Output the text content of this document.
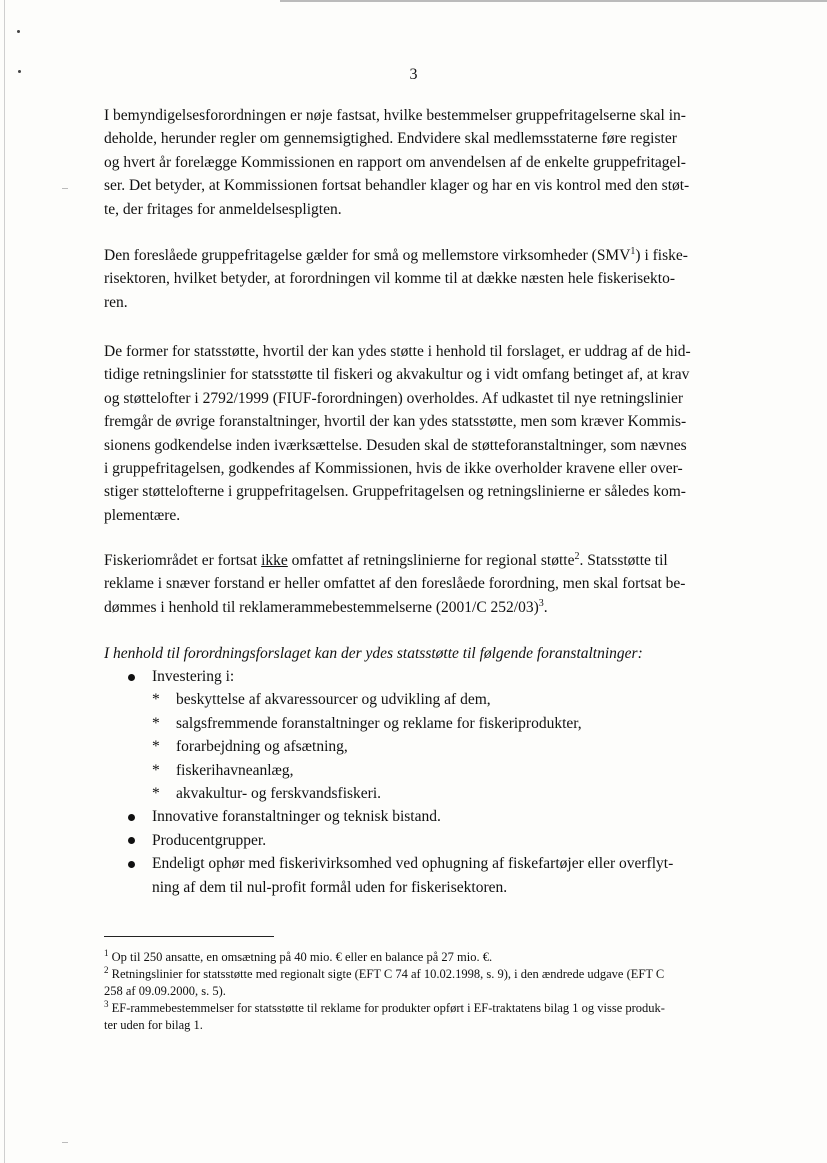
3
I bemyndigelsesforordningen er nøje fastsat, hvilke bestemmelser gruppefritagelserne skal in-
deholde, herunder regler om gennemsigtighed. Endvidere skal medlemsstaterne føre register
og hvert år forelægge Kommissionen en rapport om anvendelsen af de enkelte gruppefritagel-
ser. Det betyder, at Kommissionen fortsat behandler klager og har en vis kontrol med den støt-
te, der fritages for anmeldelsespligten.
Den foreslåede gruppefritagelse gælder for små og mellemstore virksomheder (SMV$^1$) i fiske-
risektoren, hvilket betyder, at forordningen vil komme til at dække næsten hele fiskerisekto-
ren.
De former for statsstøtte, hvortil der kan ydes støtte i henhold til forslaget, er uddrag af de hid-
tidige retningslinier for statsstøtte til fiskeri og akvakultur og i vidt omfang betinget af, at krav
og støttelofter i 2792/1999 (FIUF-forordningen) overholdes. Af udkastet til nye retningslinier
fremgår de øvrige foranstaltninger, hvortil der kan ydes statsstøtte, men som kræver Kommis-
sionens godkendelse inden iværksættelse. Desuden skal de støtteforanstaltninger, som nævnes
i gruppefritagelsen, godkendes af Kommissionen, hvis de ikke overholder kravene eller over-
stiger støttelofterne i gruppefritagelsen. Gruppefritagelsen og retningslinierne er således kom-
plementære.
Fiskeriområdet er fortsat ikke omfattet af retningslinierne for regional støtte$^2$. Statsstøtte til
reklame i snæver forstand er heller omfattet af den foreslåede forordning, men skal fortsat be-
dømmes i henhold til reklamerammebestemmelserne (2001/C 252/03)$^3$.
I henhold til forordningsforslaget kan der ydes statsstøtte til følgende foranstaltninger:
Investering i:
* beskyttelse af akvaressourcer og udvikling af dem,
* salgsfremmende foranstaltninger og reklame for fiskeriprodukter,
* forarbejdning og afsætning,
* fiskerihavneanlæg,
* akvakultur- og ferskvandsfiskeri.
Innovative foranstaltninger og teknisk bistand.
Producentgrupper.
Endeligt ophør med fiskerivirksomhed ved ophugning af fiskefartøjer eller overflyt-
ning af dem til nul-profit formål uden for fiskerisektoren.
$^1$ Op til 250 ansatte, en omsætning på 40 mio. € eller en balance på 27 mio. €.
$^2$ Retningslinier for statsstøtte med regionalt sigte (EFT C 74 af 10.02.1998, s. 9), i den ændrede udgave (EFT C
258 af 09.09.2000, s. 5).
$^3$ EF-rammebestemmelser for statsstøtte til reklame for produkter opført i EF-traktatens bilag 1 og visse produk-
ter uden for bilag 1.
